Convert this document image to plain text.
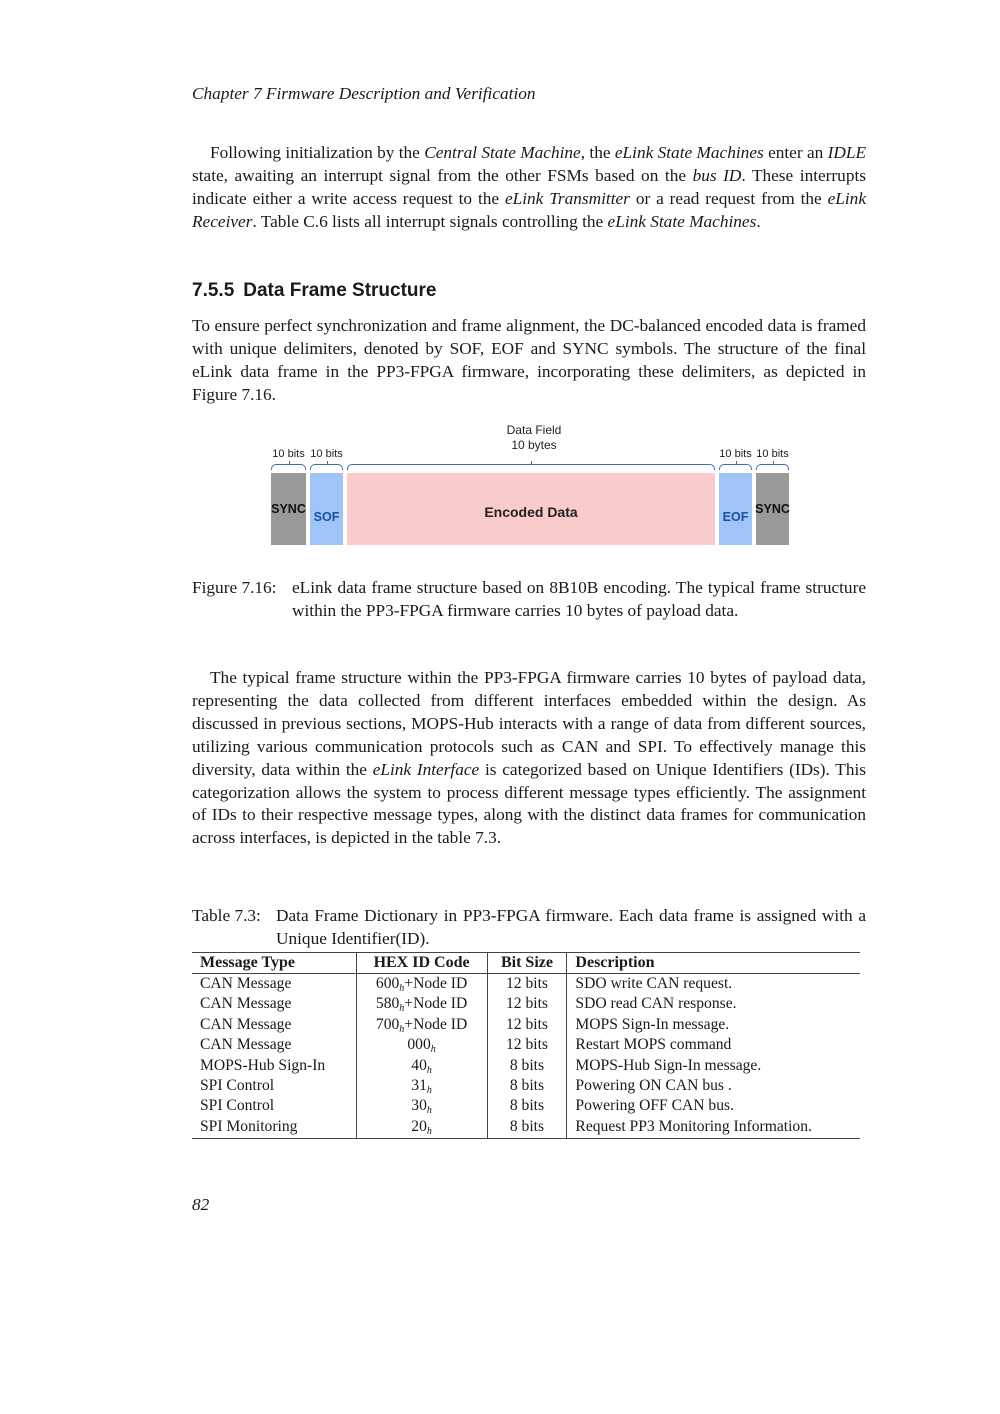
Chapter 7 Firmware Description and Verification

Following initialization by the Central State Machine, the eLink State Machines enter an IDLE state, awaiting an interrupt signal from the other FSMs based on the bus ID. These interrupts indicate either a write access request to the eLink Transmitter or a read request from the eLink Receiver. Table C.6 lists all interrupt signals controlling the eLink State Machines.

7.5.5 Data Frame Structure

To ensure perfect synchronization and frame alignment, the DC-balanced encoded data is framed with unique delimiters, denoted by SOF, EOF and SYNC symbols. The structure of the final eLink data frame in the PP3-FPGA firmware, incorporating these delimiters, as depicted in Figure 7.16.

Data Field
10 bytes
SYNC
10 bits
SOF
10 bits
Encoded Data	EOF
10 bits
SYNC
10 bits
Figure 7.16: eLink data frame structure based on 8B10B encoding. The typical frame structure within the PP3-FPGA firmware carries 10 bytes of payload data.

The typical frame structure within the PP3-FPGA firmware carries 10 bytes of payload data, representing the data collected from different interfaces embedded within the design. As discussed in previous sections, MOPS-Hub interacts with a range of data from different sources, utilizing various communication protocols such as CAN and SPI. To effectively manage this diversity, data within the eLink Interface is categorized based on Unique Identifiers (IDs). This categorization allows the system to process different message types efficiently. The assignment of IDs to their respective message types, along with the distinct data frames for communication across interfaces, is depicted in the table 7.3.

Table 7.3: Data Frame Dictionary in PP3-FPGA firmware. Each data frame is assigned with a Unique Identifier(ID).
Message Type	HEX ID Code	Bit Size	Description
CAN Message	$600_h+Node$ ID	12 bits	SDO write CAN request.
CAN Message	$580_h+Node$ ID	12 bits	SDO read CAN response.
CAN Message	$700_h+Node$ ID	12 bits	MOPS Sign-In message.
CAN Message	$000_h$	12 bits	Restart MOPS command
MOPS-Hub Sign-In	$40_h$	8 bits	MOPS-Hub Sign-In message.
SPI Control	$31_h$	8 bits	Powering ON CAN bus .
SPI Control	$30_h$	8 bits	Powering OFF CAN bus.
SPI Monitoring	$20_h$	8 bits	Request PP3 Monitoring Information.
82
